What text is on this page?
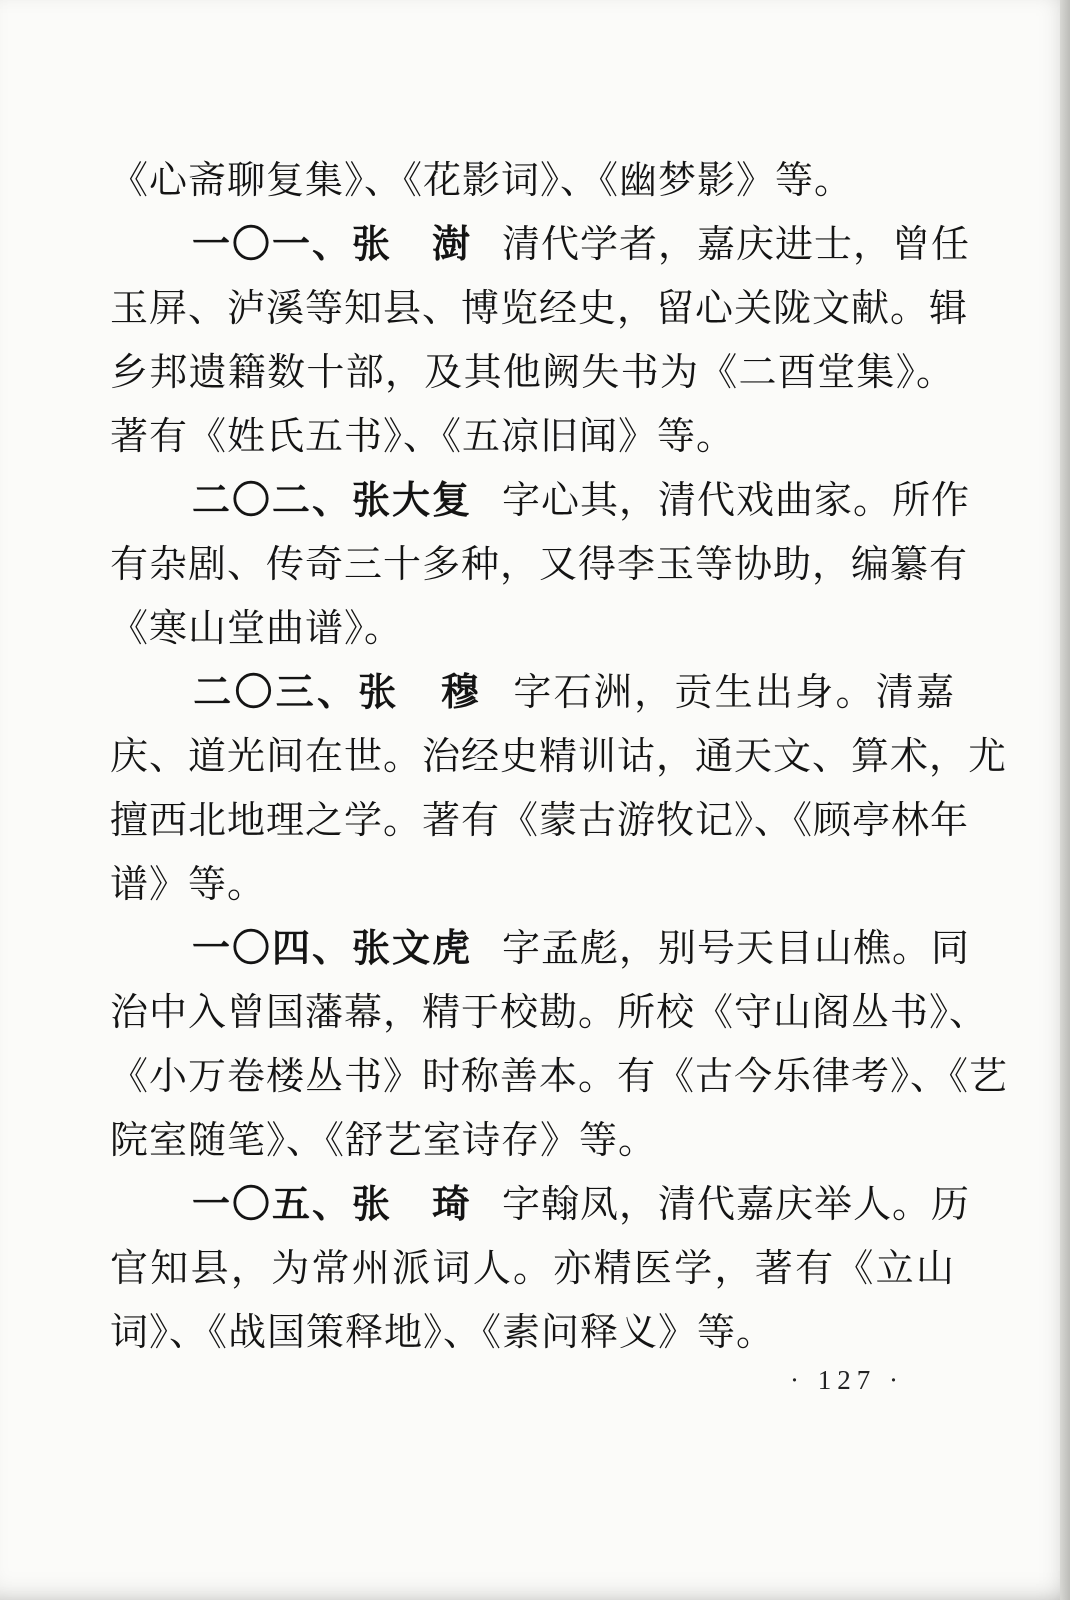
《心斋聊复集》、《花影词》、《幽梦影》等。
一〇一、张　澍 清代学者，嘉庆进士，曾任
玉屏、泸溪等知县、博览经史，留心关陇文献。辑
乡邦遗籍数十部，及其他阙失书为《二酉堂集》。
著有《姓氏五书》、《五凉旧闻》等。
二〇二、张大复 字心其，清代戏曲家。所作
有杂剧、传奇三十多种，又得李玉等协助，编纂有
《寒山堂曲谱》。
二〇三、张　穆 字石洲，贡生出身。清嘉
庆、道光间在世。治经史精训诂，通天文、算术，尤
擅西北地理之学。著有《蒙古游牧记》、《顾亭林年
谱》等。
一〇四、张文虎 字孟彪，别号天目山樵。同
治中入曾国藩幕，精于校勘。所校《守山阁丛书》、
《小万卷楼丛书》时称善本。有《古今乐律考》、《艺
院室随笔》、《舒艺室诗存》等。
一〇五、张　琦 字翰凤，清代嘉庆举人。历
官知县，为常州派词人。亦精医学，著有《立山
词》、《战国策释地》、《素问释义》等。
· 127 ·
